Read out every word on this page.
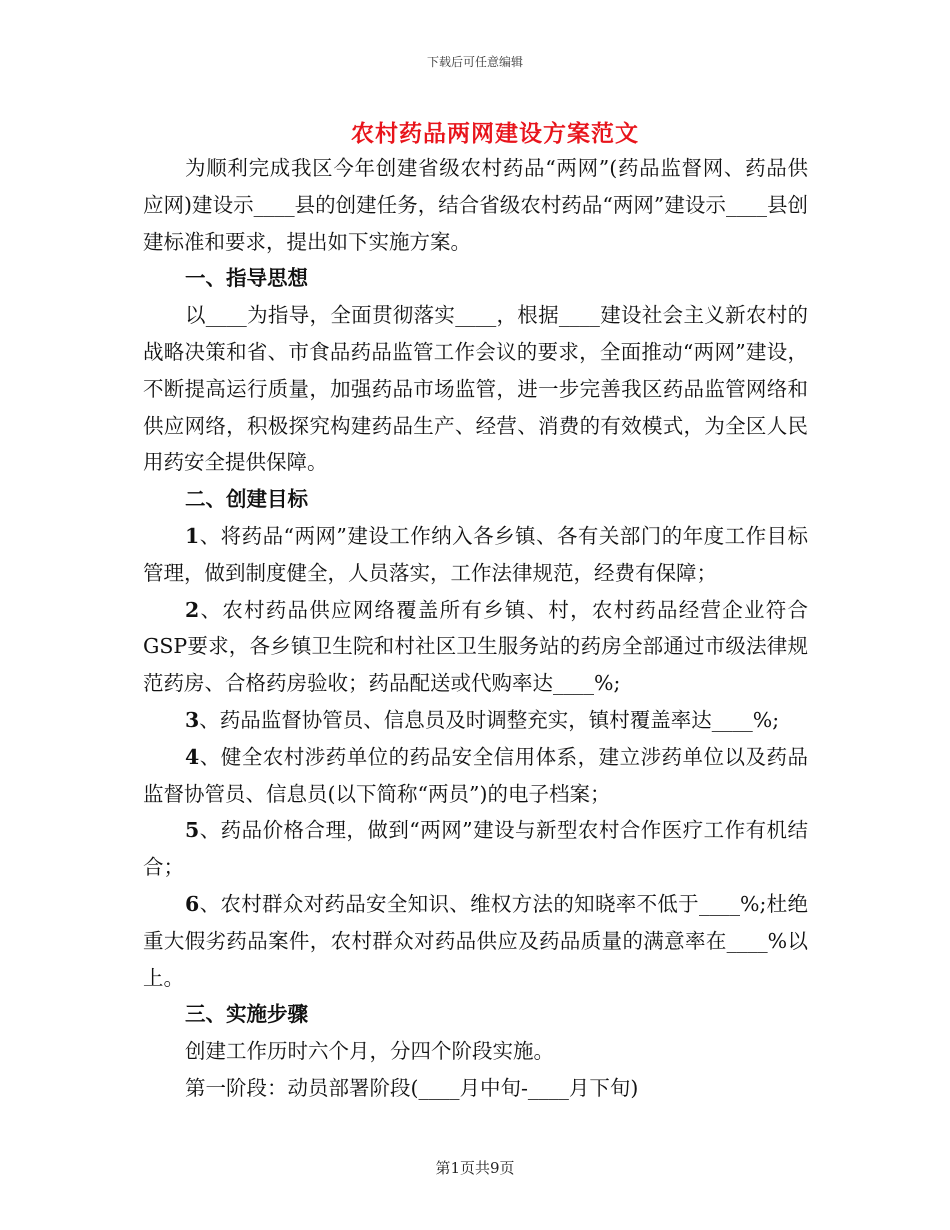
下载后可任意编辑
农村药品两网建设方案范文

为顺利完成我区今年创建省级农村药品“两网”(药品监督网、药品供应网)建设示____县的创建任务，结合省级农村药品“两网”建设示____县创建标准和要求，提出如下实施方案。

一、指导思想

以____为指导，全面贯彻落实____，根据____建设社会主义新农村的战略决策和省、市食品药品监管工作会议的要求，全面推动“两网”建设，不断提高运行质量，加强药品市场监管，进一步完善我区药品监管网络和供应网络，积极探究构建药品生产、经营、消费的有效模式，为全区人民用药安全提供保障。

二、创建目标

1、将药品“两网”建设工作纳入各乡镇、各有关部门的年度工作目标管理，做到制度健全，人员落实，工作法律规范，经费有保障；

2、农村药品供应网络覆盖所有乡镇、村，农村药品经营企业符合GSP要求，各乡镇卫生院和村社区卫生服务站的药房全部通过市级法律规范药房、合格药房验收；药品配送或代购率达____%;

3、药品监督协管员、信息员及时调整充实，镇村覆盖率达____%;

4、健全农村涉药单位的药品安全信用体系，建立涉药单位以及药品监督协管员、信息员(以下简称“两员”)的电子档案；

5、药品价格合理，做到“两网”建设与新型农村合作医疗工作有机结合；

6、农村群众对药品安全知识、维权方法的知晓率不低于____%;杜绝重大假劣药品案件，农村群众对药品供应及药品质量的满意率在____%以上。

三、实施步骤

创建工作历时六个月，分四个阶段实施。

第一阶段：动员部署阶段(____月中旬-____月下旬)

第1页共9页
